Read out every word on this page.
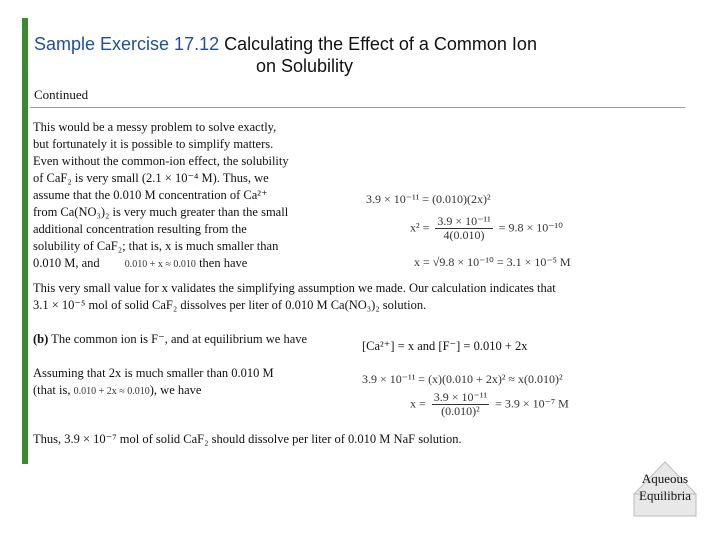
Sample Exercise 17.12 Calculating the Effect of a Common Ion
on Solubility
Continued
This would be a messy problem to solve exactly,
but fortunately it is possible to simplify matters.
Even without the common-ion effect, the solubility
of CaF₂ is very small (2.1 × 10⁻⁴ M). Thus, we
assume that the 0.010 M concentration of Ca²⁺
from Ca(NO₃)₂ is very much greater than the small
additional concentration resulting from the
solubility of CaF₂; that is, x is much smaller than
0.010 M, and	0.010 + x ≈ 0.010 then have
3.9 × 10⁻¹¹ = (0.010)(2x)²
$x^2 = \frac{\text{3.9 × 10⁻¹¹}}{4(0.010)} = 9.8 \times 10^{-10}$
x = √9.8 × 10⁻¹⁰ = 3.1 × 10⁻⁵ M
This very small value for x validates the simplifying assumption we made. Our calculation indicates that
3.1 × 10⁻⁵ mol of solid CaF₂ dissolves per liter of 0.010 M Ca(NO₃)₂ solution.
(b) The common ion is F⁻, and at equilibrium we have	[Ca²⁺] = x and [F⁻] = 0.010 + 2x
Assuming that 2x is much smaller than 0.010 M
(that is, 0.010 + 2x ≈ 0.010), we have
3.9 × 10⁻¹¹ = (x)(0.010 + 2x)² ≈ x(0.010)²
$x = \frac{\text{3.9 × 10⁻¹¹}}{\text{(0.010)²}} = 3.9 \times 10^{-7}$ M
Thus, 3.9 × 10⁻⁷ mol of solid CaF₂ should dissolve per liter of 0.010 M NaF solution.
Aqueous
Equilibria
